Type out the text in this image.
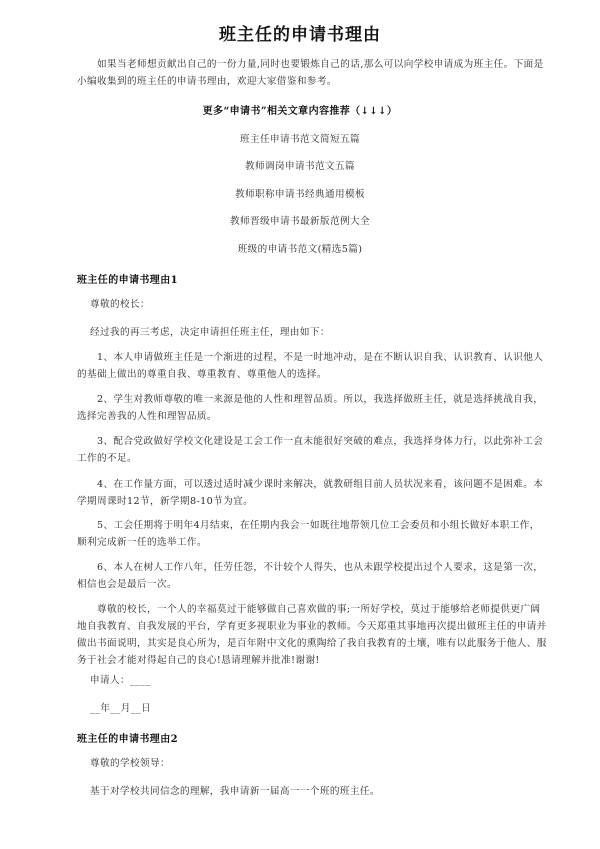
班主任的申请书理由
如果当老师想贡献出自己的一份力量,同时也要锻炼自己的话,那么可以向学校申请成为班主任。下面是小编收集到的班主任的申请书理由，欢迎大家借鉴和参考。
更多“申请书”相关文章内容推荐（↓↓↓）
班主任申请书范文简短五篇
教师调岗申请书范文五篇
教师职称申请书经典通用模板
教师晋级申请书最新版范例大全
班级的申请书范文(精选5篇)
班主任的申请书理由1
尊敬的校长：
经过我的再三考虑，决定申请担任班主任，理由如下：
1、本人申请做班主任是一个渐进的过程，不是一时地冲动，是在不断认识自我、认识教育、认识他人的基础上做出的尊重自我、尊重教育、尊重他人的选择。
2、学生对教师尊敬的唯一来源是他的人性和理智品质。所以，我选择做班主任，就是选择挑战自我，选择完善我的人性和理智品质。
3、配合党政做好学校文化建设是工会工作一直未能很好突破的难点，我选择身体力行，以此弥补工会工作的不足。
4、在工作量方面，可以透过适时减少课时来解决，就教研组目前人员状况来看，该问题不是困难。本学期周课时12节，新学期8-10节为宜。
5、工会任期将于明年4月结束，在任期内我会一如既往地帮领几位工会委员和小组长做好本职工作，顺利完成新一任的选举工作。
6、本人在树人工作八年，任劳任怨，不计较个人得失，也从未跟学校提出过个人要求，这是第一次，相信也会是最后一次。
尊敬的校长，一个人的幸福莫过于能够做自己喜欢做的事;一所好学校，莫过于能够给老师提供更广阔地自我教育、自我发展的平台，学育更多视职业为事业的教师。今天郑重其事地再次提出做班主任的申请并做出书面说明，其实是良心所为，是百年附中文化的熏陶给了我自我教育的土壤，唯有以此服务于他人、服务于社会才能对得起自己的良心!恳请理解并批准!谢谢!
申请人：____
__年__月__日
班主任的申请书理由2
尊敬的学校领导：
基于对学校共同信念的理解，我申请新一届高一一个班的班主任。
